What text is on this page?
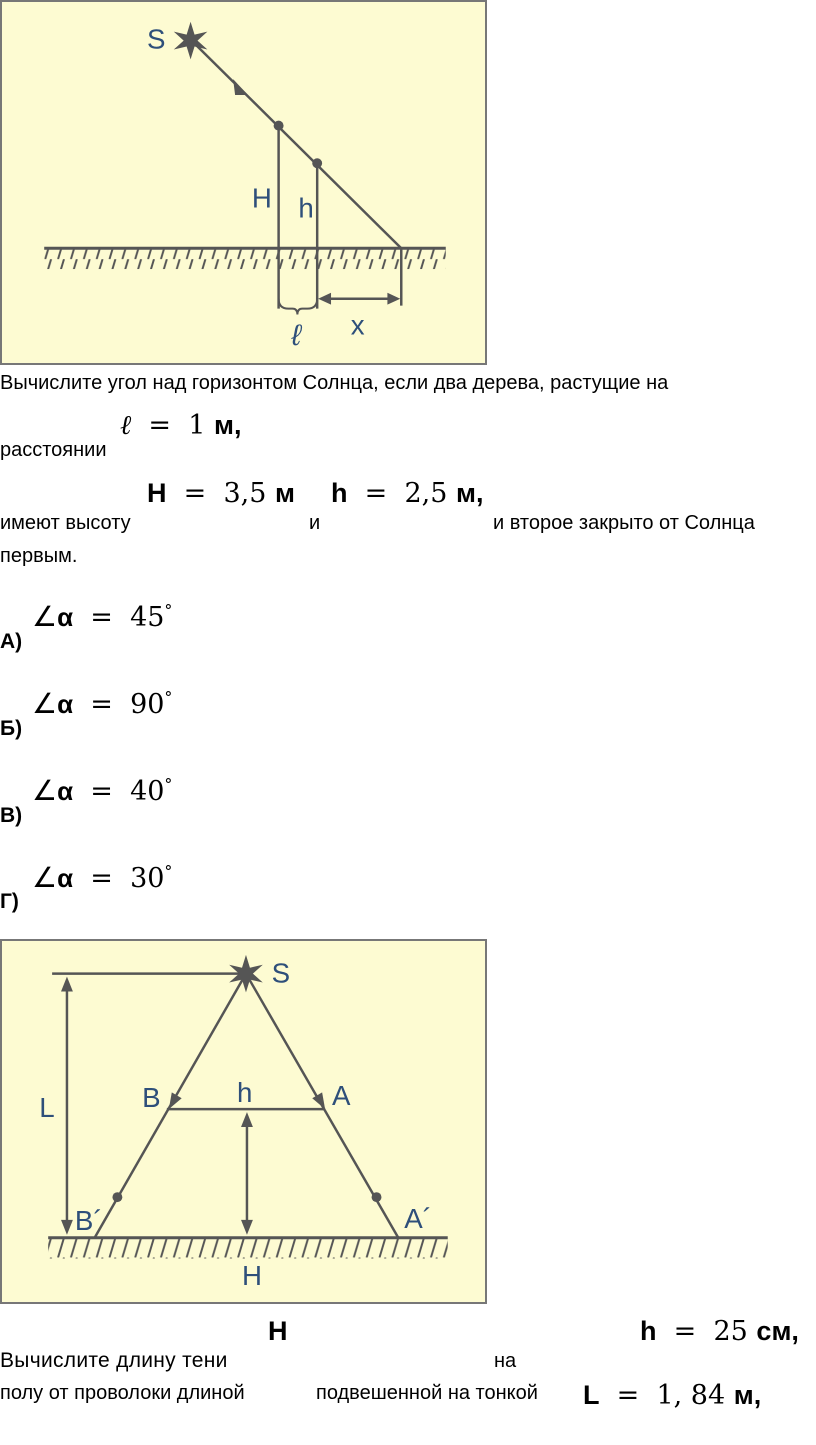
S
H h
ℓ x
Вычислите угол над горизонтом Солнца, если два дерева, растущие на
ℓ = 1 м,
расстоянии
H = 3,5 м h = 2,5 м,
имеют высоту	и	и второе закрыто от Солнца
первым.
∠α = 45°
А)
∠α = 90°
Б)
∠α = 40°
В)
∠α = 30°
Г)
S
L	B	h	A
B´	A´
H
H	h = 25 см,
Вычислите длину тени	на
полу от проволоки длиной	подвешенной на тонкой L = 1, 84 м,
